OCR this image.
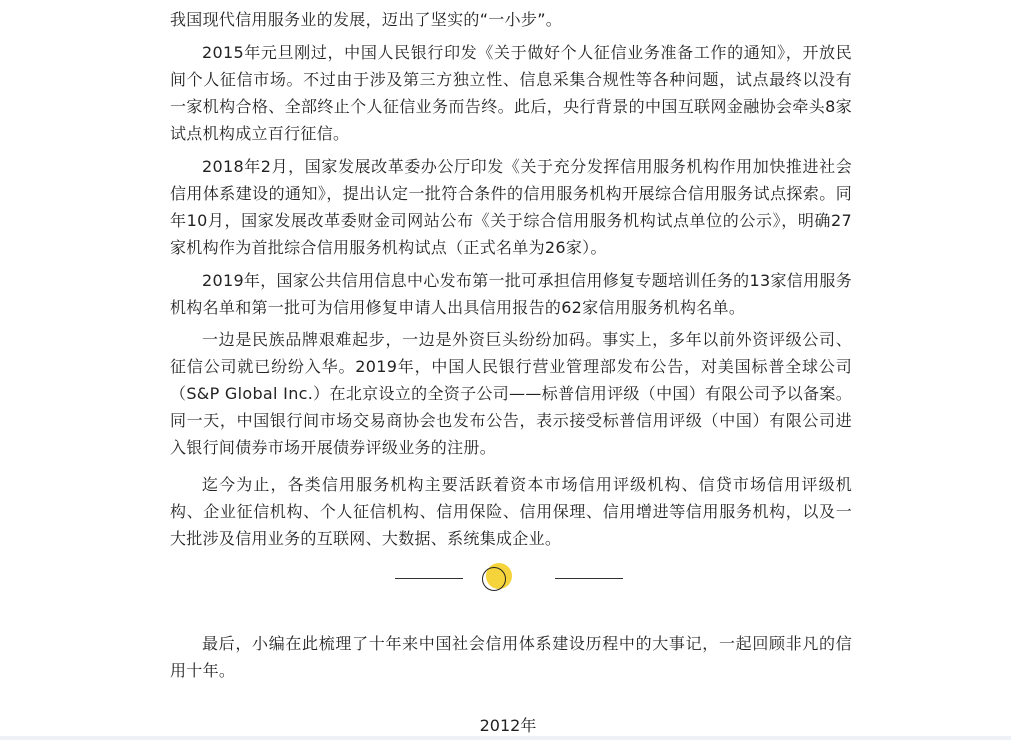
我国现代信用服务业的发展，迈出了坚实的“一小步”。

2015年元旦刚过，中国人民银行印发《关于做好个人征信业务准备工作的通知》，开放民间个人征信市场。不过由于涉及第三方独立性、信息采集合规性等各种问题，试点最终以没有一家机构合格、全部终止个人征信业务而告终。此后，央行背景的中国互联网金融协会牵头8家试点机构成立百行征信。

2018年2月，国家发展改革委办公厅印发《关于充分发挥信用服务机构作用加快推进社会信用体系建设的通知》，提出认定一批符合条件的信用服务机构开展综合信用服务试点探索。同年10月，国家发展改革委财金司网站公布《关于综合信用服务机构试点单位的公示》，明确27家机构作为首批综合信用服务机构试点（正式名单为26家）。

2019年，国家公共信用信息中心发布第一批可承担信用修复专题培训任务的13家信用服务机构名单和第一批可为信用修复申请人出具信用报告的62家信用服务机构名单。

一边是民族品牌艰难起步，一边是外资巨头纷纷加码。事实上，多年以前外资评级公司、征信公司就已纷纷入华。2019年，中国人民银行营业管理部发布公告，对美国标普全球公司（S&P Global Inc.）在北京设立的全资子公司——标普信用评级（中国）有限公司予以备案。同一天，中国银行间市场交易商协会也发布公告，表示接受标普信用评级（中国）有限公司进入银行间债券市场开展债券评级业务的注册。

迄今为止，各类信用服务机构主要活跃着资本市场信用评级机构、信贷市场信用评级机构、企业征信机构、个人征信机构、信用保险、信用保理、信用增进等信用服务机构，以及一大批涉及信用业务的互联网、大数据、系统集成企业。

最后，小编在此梳理了十年来中国社会信用体系建设历程中的大事记，一起回顾非凡的信用十年。

2012年
